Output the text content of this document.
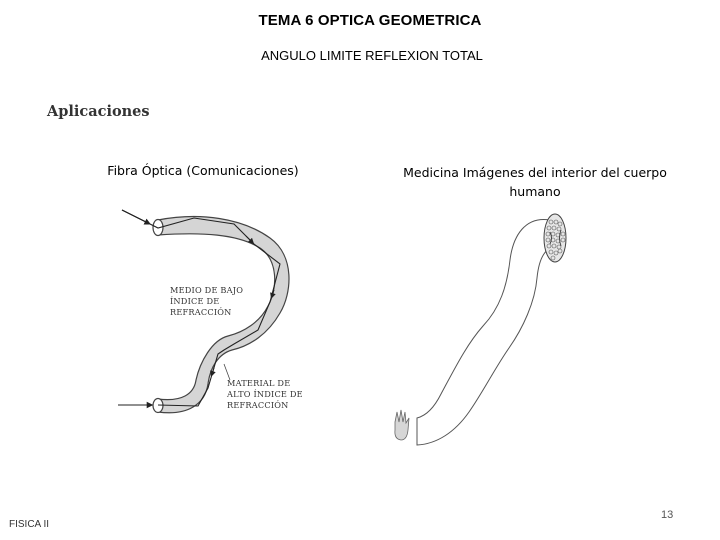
TEMA 6 OPTICA GEOMETRICA
ANGULO LIMITE REFLEXION TOTAL
Aplicaciones
Fibra Óptica (Comunicaciones)	Medicina Imágenes del interior del cuerpo humano
MEDIO DE BAJO
ÍNDICE DE
REFRACCIÓN
MATERIAL DE
ALTO ÍNDICE DE
REFRACCIÓN
FISICA II
13
